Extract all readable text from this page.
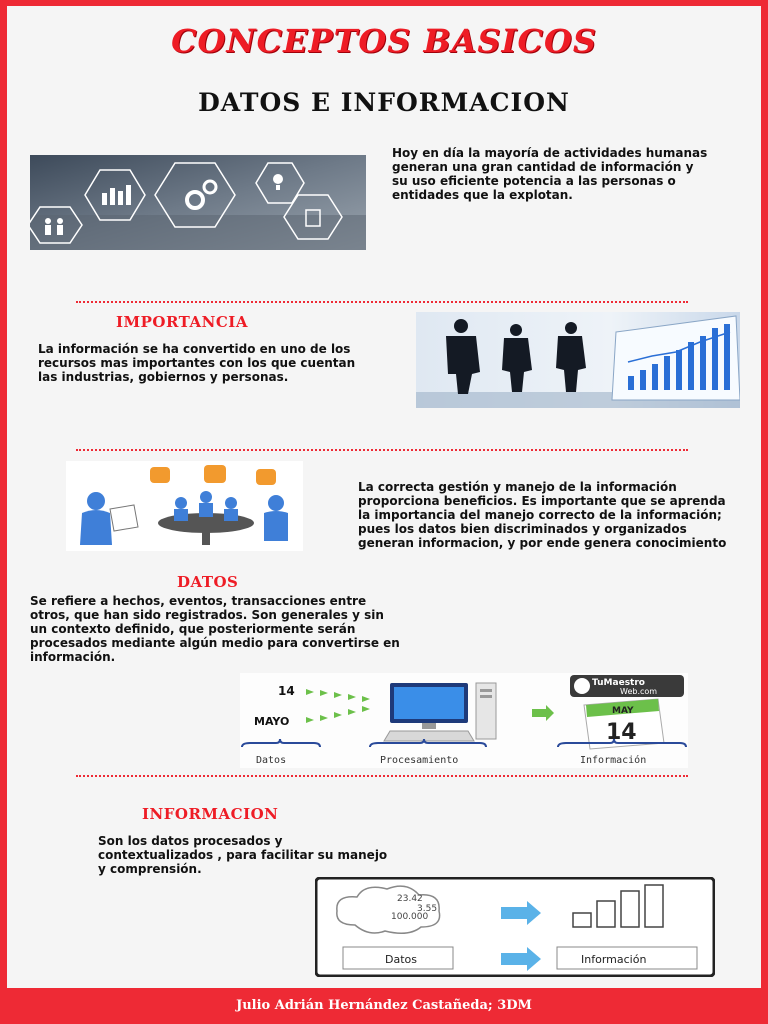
CONCEPTOS BASICOS
DATOS E INFORMACION

Hoy en día la mayoría de actividades humanas generan una gran cantidad de información y su uso eficiente potencia a las personas o entidades que la explotan.

IMPORTANCIA

La información se ha convertido en uno de los recursos mas importantes con los que cuentan las industrias, gobiernos y personas.

La correcta gestión y manejo de la información proporciona beneficios. Es importante que se aprenda la importancia del manejo correcto de la información; pues los datos bien discriminados y organizados generan informacion, y por ende genera conocimiento

DATOS

Se refiere a hechos, eventos, transacciones entre otros, que han sido registrados. Son generales y sin un contexto definido, que posteriormente serán procesados mediante algún medio para convertirse en información.

14
MAYO
TuMaestro
Web.com
MAY
14
Datos	Procesamiento	Información
INFORMACION

Son los datos procesados y contextualizados , para facilitar su manejo y comprensión.

23.42
3.55
100.000
Datos	Información
Julio Adrián Hernández Castañeda; 3DM
